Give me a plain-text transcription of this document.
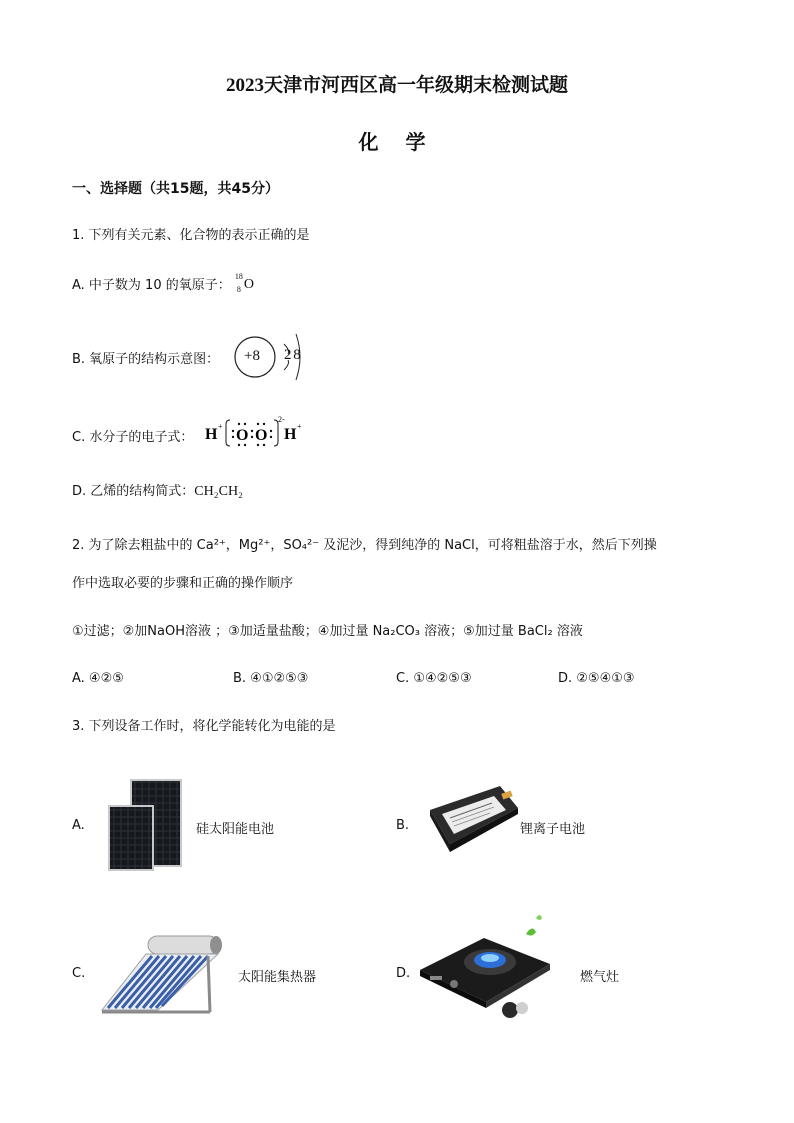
2023天津市河西区高一年级期末检测试题
化 学
一、选择题（共15题，共45分）
1. 下列有关元素、化合物的表示正确的是
A. 中子数为 10 的氧原子：
18
8 O
B. 氧原子的结构示意图： +8 2 8
C. 水分子的电子式： H +
O O
2-
H +
D. 乙烯的结构简式：CH₂CH₂
2. 为了除去粗盐中的 Ca²⁺，Mg²⁺，SO₄²⁻ 及泥沙，得到纯净的 NaCl，可将粗盐溶于水，然后下列操
作中选取必要的步骤和正确的操作顺序
①过滤；②加NaOH溶液 ；③加适量盐酸；④加过量 Na₂CO₃ 溶液；⑤加过量 BaCl₂ 溶液
A. ④②⑤	B. ④①②⑤③	C. ①④②⑤③	D. ②⑤④①③
3. 下列设备工作时，将化学能转化为电能的是
A.	硅太阳能电池	B.	锂离子电池
C.	太阳能集热器	D.	燃气灶
